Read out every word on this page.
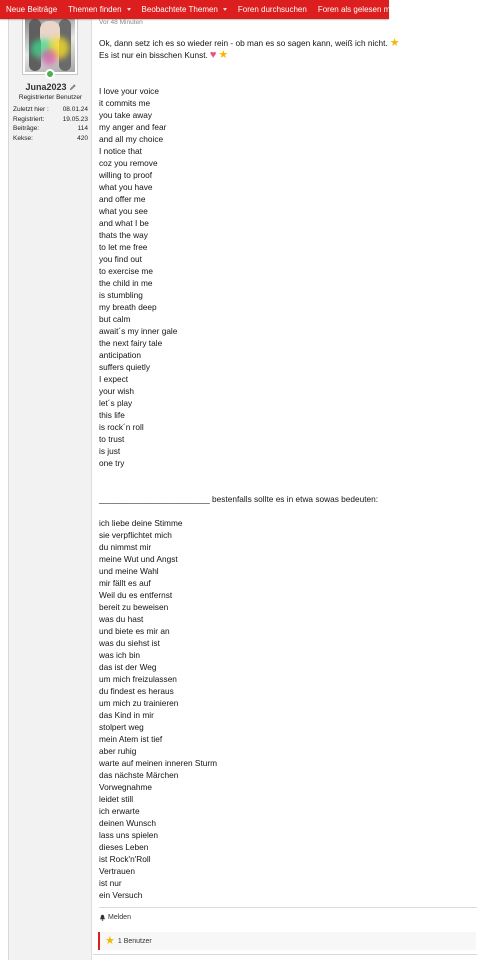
Neue Beiträge Themen finden	Beobachtete Themen	Foren durchsuchen Foren als gelesen markieren
Juna2023
Registrierter Benutzer
Zuletzt hier : 08.01.24
Registriert:	19.05.23
Beiträge:	114
Kekse:	420
Vor 48 Minuten
Ok, dann setz ich es so wieder rein - ob man es so sagen kann, weiß ich nicht. ★
Es ist nur ein bisschen Kunst. ♥ ★
I love your voice
it commits me
you take away
my anger and fear
and all my choice
I notice that
coz you remove
willing to proof
what you have
and offer me
what you see
and what I be
thats the way
to let me free
you find out
to exercise me
the child in me
is stumbling
my breath deep
but calm
await´s my inner gale
the next fairy tale
anticipation
suffers quietly
I expect
your wish
let´s play
this life
is rock´n roll
to trust
is just
one try
________________________ bestenfalls sollte es in etwa sowas bedeuten:
ich liebe deine Stimme
sie verpflichtet mich
du nimmst mir
meine Wut und Angst
und meine Wahl
mir fällt es auf
Weil du es entfernst
bereit zu beweisen
was du hast
und biete es mir an
was du siehst ist
was ich bin
das ist der Weg
um mich freizulassen
du findest es heraus
um mich zu trainieren
das Kind in mir
stolpert weg
mein Atem ist tief
aber ruhig
warte auf meinen inneren Sturm
das nächste Märchen
Vorwegnahme
leidet still
ich erwarte
deinen Wunsch
lass uns spielen
dieses Leben
ist Rock'n'Roll
Vertrauen
ist nur
ein Versuch
Melden
★ 1 Benutzer
